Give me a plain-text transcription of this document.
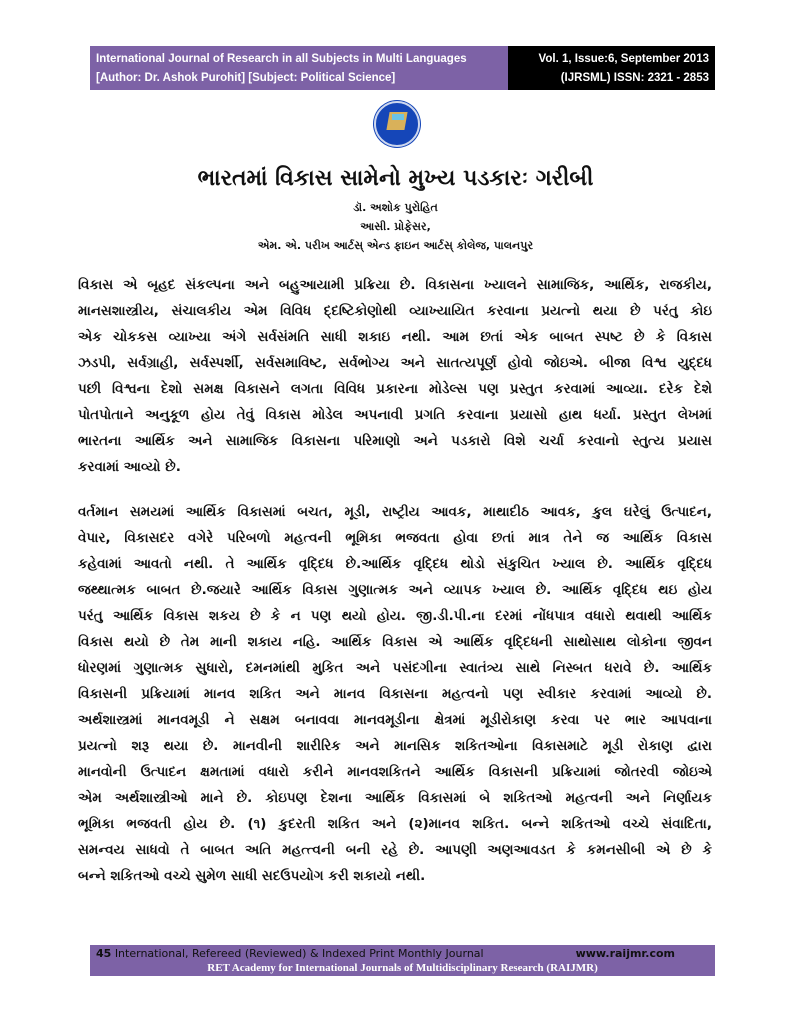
International Journal of Research in all Subjects in Multi Languages
[Author: Dr. Ashok Purohit] [Subject: Political Science]
Vol. 1, Issue:6, September 2013
(IJRSML) ISSN: 2321 - 2853
ભારતમાં વિકાસ સામેનો મુખ્ય પડકારઃ ગરીબી
ડૉ. અશોક પુરોહિત
આસી. પ્રોફેસર,
એમ. એ. પરીખ આર્ટસ્ એન્ડ ફાઇન આર્ટસ્ કોલેજ, પાલનપુર
વિકાસ એ બૃહદ સંકલ્પના અને બહુઆયામી પ્રક્રિયા છે. વિકાસના ખ્યાલને સામાજિક, આર્થિક, રાજકીય,
માનસશાસ્ત્રીય, સંચાલકીય એમ વિવિધ દ્દષ્ટિકોણોથી વ્યાખ્યાયિત કરવાના પ્રયત્નો થયા છે પરંતુ કોઇ
એક ચોકકસ વ્યાખ્યા અંગે સર્વસંમતિ સાધી શકાઇ નથી. આમ છતાં એક બાબત સ્પષ્ટ છે કે વિકાસ
ઝડપી, સર્વગ્રાહી, સર્વસ્પર્શી, સર્વસમાવિષ્ટ, સર્વભોગ્ય અને સાતત્યપૂર્ણ હોવો જોઇએ. બીજા વિશ્વ યુદ્દધ
પછી વિશ્વના દેશો સમક્ષ વિકાસને લગતા વિવિધ પ્રકારના મોડેલ્સ પણ પ્રસ્તુત કરવામાં આવ્યા. દરેક દેશે
પોતપોતાને અનુકૂળ હોય તેવું વિકાસ મોડેલ અપનાવી પ્રગતિ કરવાના પ્રયાસો હાથ ધર્યા. પ્રસ્તુત લેખમાં
ભારતના આર્થિક અને સામાજિક વિકાસના પરિમાણો અને પડકારો વિશે ચર્ચા કરવાનો સ્તુત્ય પ્રયાસ
કરવામાં આવ્યો છે.
વર્તમાન સમયમાં આર્થિક વિકાસમાં બચત, મૂડી, રાષ્ટ્રીય આવક, માથાદીઠ આવક, કુલ ઘરેલું ઉત્પાદન,
વેપાર, વિકાસદર વગેરે પરિબળો મહત્વની ભૂમિકા ભજવતા હોવા છતાં માત્ર તેને જ આર્થિક વિકાસ
કહેવામાં આવતો નથી. તે આર્થિક વૃદ્દિધ છે.આર્થિક વૃદ્દિધ થોડો સંકુચિત ખ્યાલ છે. આર્થિક વૃદ્દિધ
જથ્થાત્મક બાબત છે.જયારે આર્થિક વિકાસ ગુણાત્મક અને વ્યાપક ખ્યાલ છે. આર્થિક વૃદ્દિધ થઇ હોય
પરંતુ આર્થિક વિકાસ શકય છે કે ન પણ થયો હોય. જી.ડી.પી.ના દરમાં નોંધપાત્ર વધારો થવાથી આર્થિક
વિકાસ થયો છે તેમ માની શકાય નહિ. આર્થિક વિકાસ એ આર્થિક વૃદ્દિધની સાથોસાથ લોકોના જીવન
ધોરણમાં ગુણાત્મક સુધારો, દમનમાંથી મુકિત અને પસંદગીના સ્વાતંત્ર્ય સાથે નિસ્બત ધરાવે છે. આર્થિક
વિકાસની પ્રક્રિયામાં માનવ શકિત અને માનવ વિકાસના મહત્વનો પણ સ્વીકાર કરવામાં આવ્યો છે.
અર્થશાસ્ત્રમાં માનવમૂડી ને સક્ષમ બનાવવા માનવમૂડીના ક્ષેત્રમાં મૂડીરોકાણ કરવા પર ભાર આપવાના
પ્રયત્નો શરૂ થયા છે. માનવીની શારીરિક અને માનસિક શકિતઓના વિકાસમાટે મૂડી રોકાણ દ્વારા
માનવોની ઉત્પાદન ક્ષમતામાં વધારો કરીને માનવશકિતને આર્થિક વિકાસની પ્રક્રિયામાં જોતરવી જોઇએ
એમ અર્થશાસ્ત્રીઓ માને છે. કોઇપણ દેશના આર્થિક વિકાસમાં બે શકિતઓ મહત્વની અને નિર્ણાયક
ભૂમિકા ભજવતી હોય છે. (૧) કુદરતી શકિત અને (૨)માનવ શકિત. બન્ને શકિતઓ વચ્ચે સંવાદિતા,
સમન્વય સાધવો તે બાબત અતિ મહત્ત્વની બની રહે છે. આપણી અણઆવડત કે કમનસીબી એ છે કે
બન્ને શકિતઓ વચ્ચે સુમેળ સાધી સદઉપયોગ કરી શકાયો નથી.
45 International, Refereed (Reviewed) & Indexed Print Monthly Journal	www.raijmr.com
RET Academy for International Journals of Multidisciplinary Research (RAIJMR)
